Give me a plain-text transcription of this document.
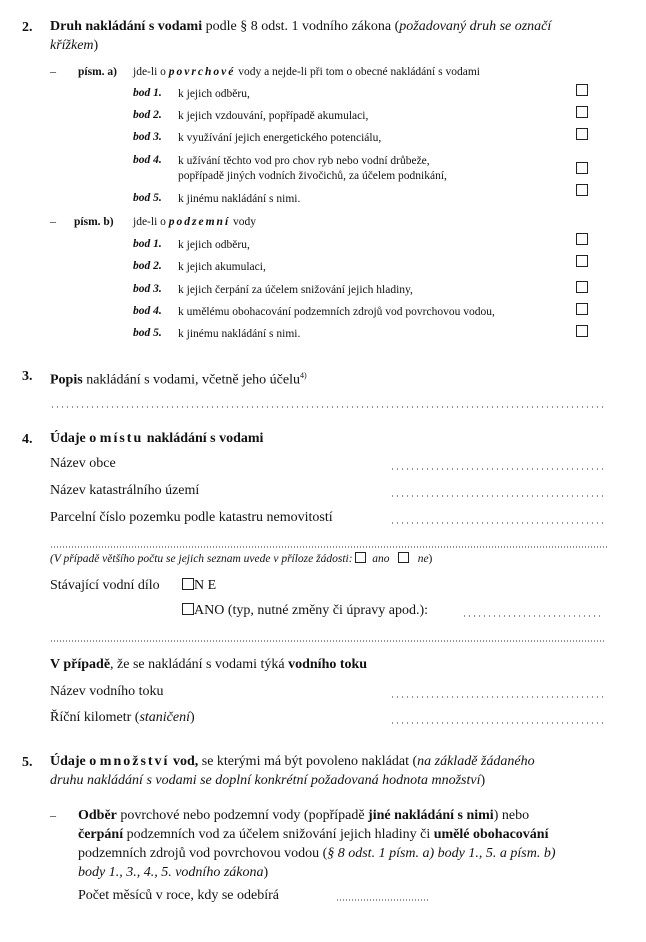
2. Druh nakládání s vodami podle § 8 odst. 1 vodního zákona (požadovaný druh se označí
křížkem)
– písm. a) jde-li o povrchové vody a nejde-li při tom o obecné nakládání s vodami
bod 1. k jejich odběru,
bod 2. k jejich vzdouvání, popřípadě akumulaci,
bod 3. k využívání jejich energetického potenciálu,
bod 4. k užívání těchto vod pro chov ryb nebo vodní drůbeže,
popřípadě jiných vodních živočichů, za účelem podnikání,
bod 5. k jinému nakládání s nimi.
– písm. b) jde-li o podzemní vody
bod 1. k jejich odběru,
bod 2. k jejich akumulaci,
bod 3. k jejich čerpání za účelem snižování jejich hladiny,
bod 4. k umělému obohacování podzemních zdrojů vod povrchovou vodou,
bod 5. k jinému nakládání s nimi.
3. Popis nakládání s vodami, včetně jeho účelu$^{4)}$
4. Údaje o místu nakládání s vodami
Název obce
Název katastrálního území
Parcelní číslo pozemku podle katastru nemovitostí
(V případě většího počtu se jejich seznam uvede v příloze žádosti: ano ne)
Stávající vodní dílo	N E
ANO (typ, nutné změny či úpravy apod.):
V případě, že se nakládání s vodami týká vodního toku
Název vodního toku
Říční kilometr (staničení)
5. Údaje o množství vod, se kterými má být povoleno nakládat (na základě žádaného
druhu nakládání s vodami se doplní konkrétní požadovaná hodnota množství)
– Odběr povrchové nebo podzemní vody (popřípadě jiné nakládání s nimi) nebo
čerpání podzemních vod za účelem snižování jejich hladiny či umělé obohacování
podzemních zdrojů vod povrchovou vodou (§ 8 odst. 1 písm. a) body 1., 5. a písm. b)
body 1., 3., 4., 5. vodního zákona)
Počet měsíců v roce, kdy se odebírá
